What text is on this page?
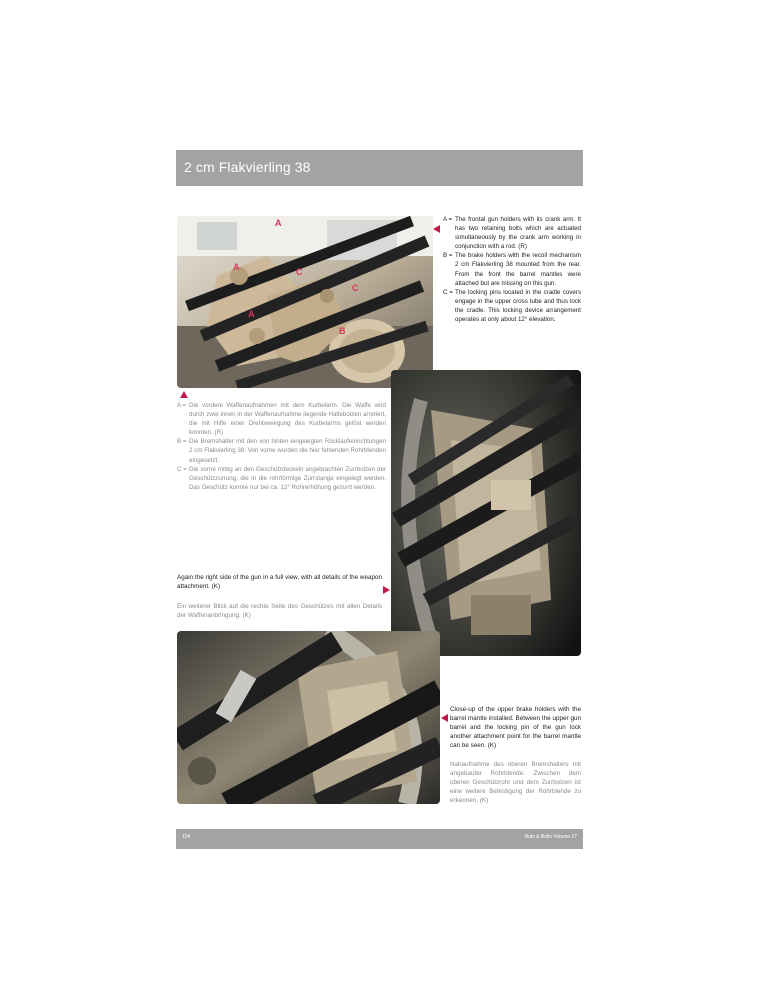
2 cm Flakvierling 38
A
A
A
B
C
C
A = The frontal gun holders with its crank arm. It has two retaining bolts which are actuated simultaneously by the crank arm working in conjunction with a rod. (R)
B = The brake holders with the recoil mechanism 2 cm Flakvierling 38 mounted from the rear. From the front the barrel mantles were attached but are missing on this gun.
C = The locking pins located in the cradle covers engage in the upper cross tube and thus lock the cradle. This locking device arrangement operates at only about 12° elevation.
A = Die vordere Waffenaufnahmen mit dem Kurbelarm. Die Waffe wird durch zwei innen in der Waffenaufnahme liegende Haltebolzen arretiert, die mit Hilfe einer Drehbewegung des Kurbelarms gelöst werden konnten. (R)
B = Die Bremshalter mit den von hinten eingelegten Rücklaufeinrichtungen 2 cm Flakvierling 38. Von vorne wurden die hier fehlenden Rohrblenden eingesetzt.
C = Die vorne mittig an den Geschützdeckeln angebrachten Zurrbolzen der Geschützzurrung, die in die rohrförmige Zurrstange eingelegt werden. Das Geschütz konnte nur bei ca. 12° Rohrerhöhung gezurrt werden.
Again the right side of the gun in a full view, with all details of the weapon attachment. (K)
Ein weiterer Blick auf die rechte Seite des Geschützes mit allen Details der Waffenanbringung. (K)
Close-up of the upper brake holders with the barrel mantle installed. Between the upper gun barrel and the locking pin of the gun lock another attachment point for the barrel mantle can be seen. (K)
Nahaufnahme des oberen Bremshalters mit angebauter Rohrblende. Zwischen dem oberen Geschützrohr und dem Zurrbolzen ist eine weitere Befestigung der Rohrblende zu erkennen. (K)
104	Nuts & Bolts Volume 27
